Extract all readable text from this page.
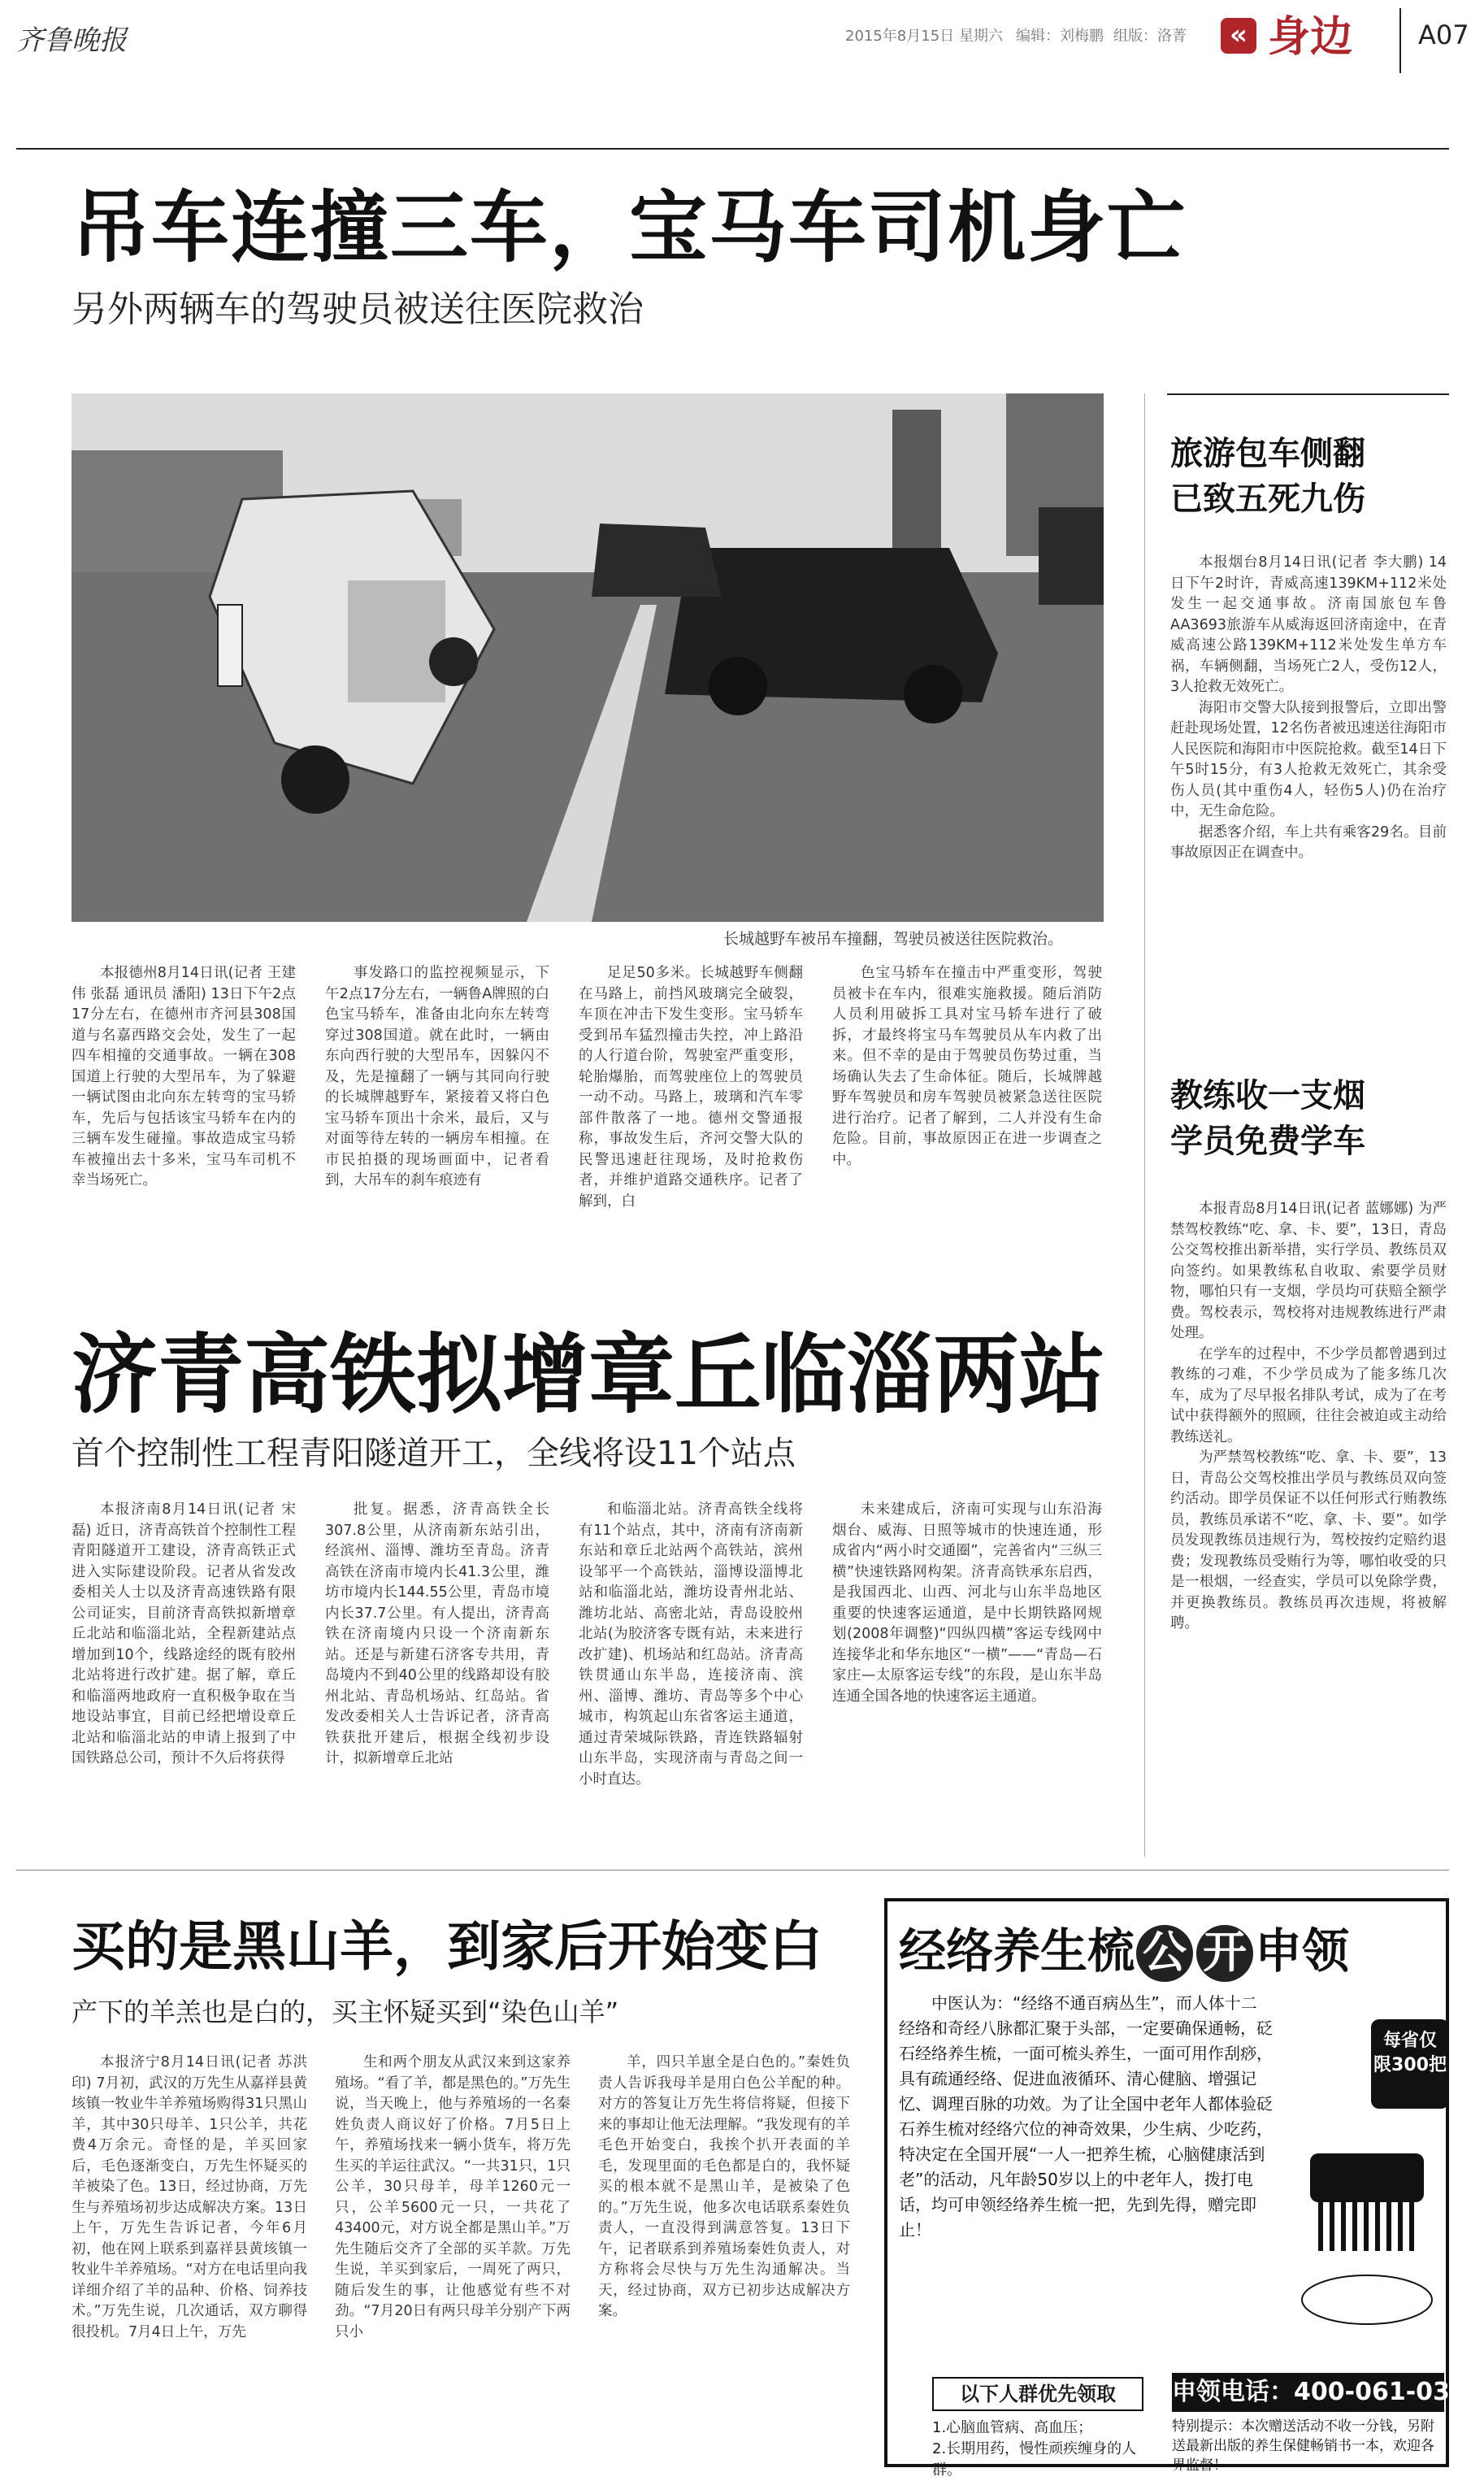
齐鲁晚报	2015年8月15日 星期六 编辑：刘梅鹏 组版：洛菁	« 身边	A07
吊车连撞三车，宝马车司机身亡
另外两辆车的驾驶员被送往医院救治
长城越野车被吊车撞翻，驾驶员被送往医院救治。
本报德州8月14日讯(记者 王建伟 张磊 通讯员 潘阳) 13日下午2点17分左右，在德州市齐河县308国道与名嘉西路交会处，发生了一起四车相撞的交通事故。一辆在308国道上行驶的大型吊车，为了躲避一辆试图由北向东左转弯的宝马轿车，先后与包括该宝马轿车在内的三辆车发生碰撞。事故造成宝马轿车被撞出去十多米，宝马车司机不幸当场死亡。
事发路口的监控视频显示，下午2点17分左右，一辆鲁A牌照的白色宝马轿车，准备由北向东左转弯穿过308国道。就在此时，一辆由东向西行驶的大型吊车，因躲闪不及，先是撞翻了一辆与其同向行驶的长城牌越野车，紧接着又将白色宝马轿车顶出十余米，最后，又与对面等待左转的一辆房车相撞。在市民拍摄的现场画面中，记者看到，大吊车的刹车痕迹有
足足50多米。长城越野车侧翻在马路上，前挡风玻璃完全破裂，车顶在冲击下发生变形。宝马轿车受到吊车猛烈撞击失控，冲上路沿的人行道台阶，驾驶室严重变形，轮胎爆胎，而驾驶座位上的驾驶员一动不动。马路上，玻璃和汽车零部件散落了一地。德州交警通报称，事故发生后，齐河交警大队的民警迅速赶往现场，及时抢救伤者，并维护道路交通秩序。记者了解到，白
色宝马轿车在撞击中严重变形，驾驶员被卡在车内，很难实施救援。随后消防人员利用破拆工具对宝马轿车进行了破拆，才最终将宝马车驾驶员从车内救了出来。但不幸的是由于驾驶员伤势过重，当场确认失去了生命体征。随后，长城牌越野车驾驶员和房车驾驶员被紧急送往医院进行治疗。记者了解到，二人并没有生命危险。目前，事故原因正在进一步调查之中。
旅游包车侧翻
已致五死九伤

本报烟台8月14日讯(记者 李大鹏) 14日下午2时许，青威高速139KM+112米处发生一起交通事故。济南国旅包车鲁AA3693旅游车从威海返回济南途中，在青威高速公路139KM+112米处发生单方车祸，车辆侧翻，当场死亡2人，受伤12人，3人抢救无效死亡。

海阳市交警大队接到报警后，立即出警赶赴现场处置，12名伤者被迅速送往海阳市人民医院和海阳市中医院抢救。截至14日下午5时15分，有3人抢救无效死亡，其余受伤人员(其中重伤4人，轻伤5人)仍在治疗中，无生命危险。

据悉客介绍，车上共有乘客29名。目前事故原因正在调查中。

教练收一支烟
学员免费学车

本报青岛8月14日讯(记者 蓝娜娜) 为严禁驾校教练“吃、拿、卡、要”，13日，青岛公交驾校推出新举措，实行学员、教练员双向签约。如果教练私自收取、索要学员财物，哪怕只有一支烟，学员均可获赔全额学费。驾校表示，驾校将对违规教练进行严肃处理。

在学车的过程中，不少学员都曾遇到过教练的刁难，不少学员成为了能多练几次车，成为了尽早报名排队考试，成为了在考试中获得额外的照顾，往往会被迫或主动给教练送礼。

为严禁驾校教练“吃、拿、卡、要”，13日，青岛公交驾校推出学员与教练员双向签约活动。即学员保证不以任何形式行贿教练员，教练员承诺不“吃、拿、卡、要”。如学员发现教练员违规行为，驾校按约定赔约退费；发现教练员受贿行为等，哪怕收受的只是一根烟，一经查实，学员可以免除学费，并更换教练员。教练员再次违规，将被解聘。

济青高铁拟增章丘临淄两站
首个控制性工程青阳隧道开工，全线将设11个站点
本报济南8月14日讯(记者 宋磊) 近日，济青高铁首个控制性工程青阳隧道开工建设，济青高铁正式进入实际建设阶段。记者从省发改委相关人士以及济青高速铁路有限公司证实，目前济青高铁拟新增章丘北站和临淄北站，全程新建站点增加到10个，线路途经的既有胶州北站将进行改扩建。据了解，章丘和临淄两地政府一直积极争取在当地设站事宜，目前已经把增设章丘北站和临淄北站的申请上报到了中国铁路总公司，预计不久后将获得
批复。据悉，济青高铁全长307.8公里，从济南新东站引出，经滨州、淄博、潍坊至青岛。济青高铁在济南市境内长41.3公里，潍坊市境内长144.55公里，青岛市境内长37.7公里。有人提出，济青高铁在济南境内只设一个济南新东站。还是与新建石济客专共用，青岛境内不到40公里的线路却设有胶州北站、青岛机场站、红岛站。省发改委相关人士告诉记者，济青高铁获批开建后，根据全线初步设计，拟新增章丘北站
和临淄北站。济青高铁全线将有11个站点，其中，济南有济南新东站和章丘北站两个高铁站，滨州设邹平一个高铁站，淄博设淄博北站和临淄北站，潍坊设青州北站、潍坊北站、高密北站，青岛设胶州北站(为胶济客专既有站，未来进行改扩建)、机场站和红岛站。济青高铁贯通山东半岛，连接济南、滨州、淄博、潍坊、青岛等多个中心城市，构筑起山东省客运主通道，通过青荣城际铁路，青连铁路辐射山东半岛，实现济南与青岛之间一小时直达。
未来建成后，济南可实现与山东沿海烟台、威海、日照等城市的快速连通，形成省内“两小时交通圈”，完善省内“三纵三横”快速铁路网构架。济青高铁承东启西，是我国西北、山西、河北与山东半岛地区重要的快速客运通道，是中长期铁路网规划(2008年调整)“四纵四横”客运专线网中连接华北和华东地区“一横”——“青岛—石家庄—太原客运专线”的东段，是山东半岛连通全国各地的快速客运主通道。
买的是黑山羊，到家后开始变白
产下的羊羔也是白的，买主怀疑买到“染色山羊”
本报济宁8月14日讯(记者 苏洪印) 7月初，武汉的万先生从嘉祥县黄垓镇一牧业牛羊养殖场购得31只黑山羊，其中30只母羊、1只公羊，共花费4万余元。奇怪的是，羊买回家后，毛色逐渐变白，万先生怀疑买的羊被染了色。13日，经过协商，万先生与养殖场初步达成解决方案。13日上午，万先生告诉记者，今年6月初，他在网上联系到嘉祥县黄垓镇一牧业牛羊养殖场。“对方在电话里向我详细介绍了羊的品种、价格、饲养技术。”万先生说，几次通话，双方聊得很投机。7月4日上午，万先
生和两个朋友从武汉来到这家养殖场。“看了羊，都是黑色的。”万先生说，当天晚上，他与养殖场的一名秦姓负责人商议好了价格。7月5日上午，养殖场找来一辆小货车，将万先生买的羊运往武汉。“一共31只，1只公羊，30只母羊，母羊1260元一只，公羊5600元一只，一共花了43400元，对方说全都是黑山羊。”万先生随后交齐了全部的买羊款。万先生说，羊买到家后，一周死了两只，随后发生的事，让他感觉有些不对劲。“7月20日有两只母羊分别产下两只小
羊，四只羊崽全是白色的。”秦姓负责人告诉我母羊是用白色公羊配的种。对方的答复让万先生将信将疑，但接下来的事却让他无法理解。“我发现有的羊毛色开始变白，我挨个扒开表面的羊毛，发现里面的毛色都是白的，我怀疑买的根本就不是黑山羊，是被染了色的。”万先生说，他多次电话联系秦姓负责人，一直没得到满意答复。13日下午，记者联系到养殖场秦姓负责人，对方称将会尽快与万先生沟通解决。当天，经过协商，双方已初步达成解决方案。
经络养生梳 公 开 申领
中医认为：“经络不通百病丛生”，而人体十二经络和奇经八脉都汇聚于头部，一定要确保通畅，砭石经络养生梳，一面可梳头养生，一面可用作刮痧，具有疏通经络、促进血液循环、清心健脑、增强记忆、调理百脉的功效。为了让全国中老年人都体验砭石养生梳对经络穴位的神奇效果，少生病、少吃药，特决定在全国开展“一人一把养生梳，心脑健康活到老”的活动，凡年龄50岁以上的中老年人，拨打电话，均可申领经络养生梳一把，先到先得，赠完即止！
每省仅
限300把
以下人群优先领取
1.心脑血管病、高血压；
2.长期用药，慢性顽疾缠身的人群。
申领电话：400-061-0322
特别提示：本次赠送活动不收一分钱，另附送最新出版的养生保健畅销书一本，欢迎各界监督！
